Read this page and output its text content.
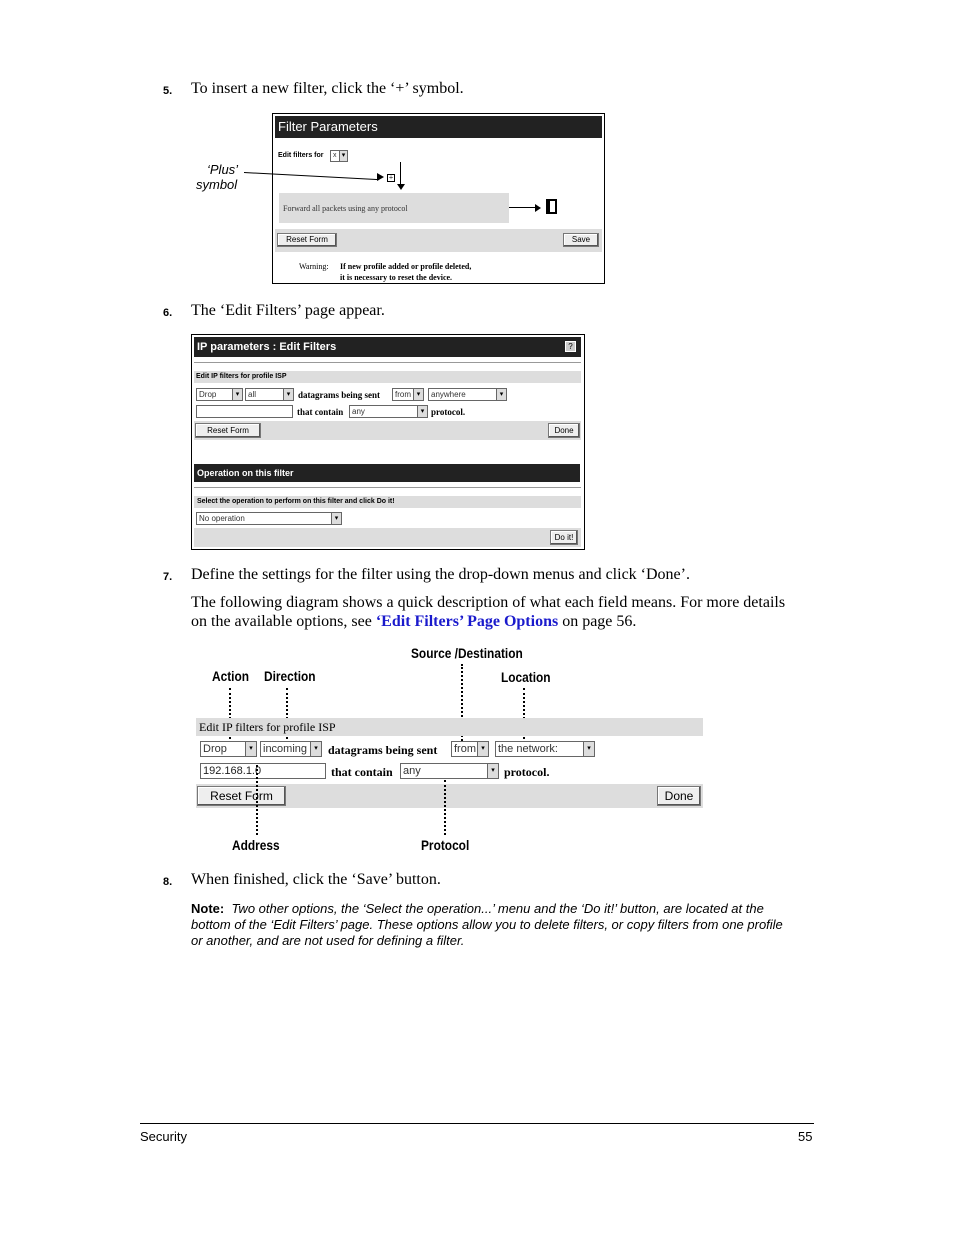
5. To insert a new filter, click the ‘+’ symbol.
Filter Parameters
Edit filters for	x ▾
+
‘Plus’
symbol
Forward all packets using any protocol
Reset Form	Save
Warning: If new profile added or profile deleted,
it is necessary to reset the device.
6. The ‘Edit Filters’ page appear.
IP parameters : Edit Filters	?
Edit IP filters for profile ISP
Drop	▾	all	▾ datagrams being sent	from ▾	anywhere	▾
that contain	any	▾ protocol.
Reset Form	Done
Operation on this filter
Select the operation to perform on this filter and click Do it!
No operation	▾
Do it!
7. Define the settings for the filter using the drop-down menus and click ‘Done’.
The following diagram shows a quick description of what each field means. For more details
on the available options, see ‘Edit Filters’ Page Options on page 56.
Source /Destination
Action Direction	Location
Edit IP filters for profile ISP
Drop	▾ incoming	▾ datagrams being sent from ▾ the network:	▾
192.168.1.0	that contain any	▾ protocol.
Reset Form	Done
Address	Protocol
8. When finished, click the ‘Save’ button.
Note: Two other options, the ‘Select the operation...’ menu and the ‘Do it!’ button, are located at the
bottom of the ‘Edit Filters’ page. These options allow you to delete filters, or copy filters from one profile
or another, and are not used for defining a filter.
Security	55
